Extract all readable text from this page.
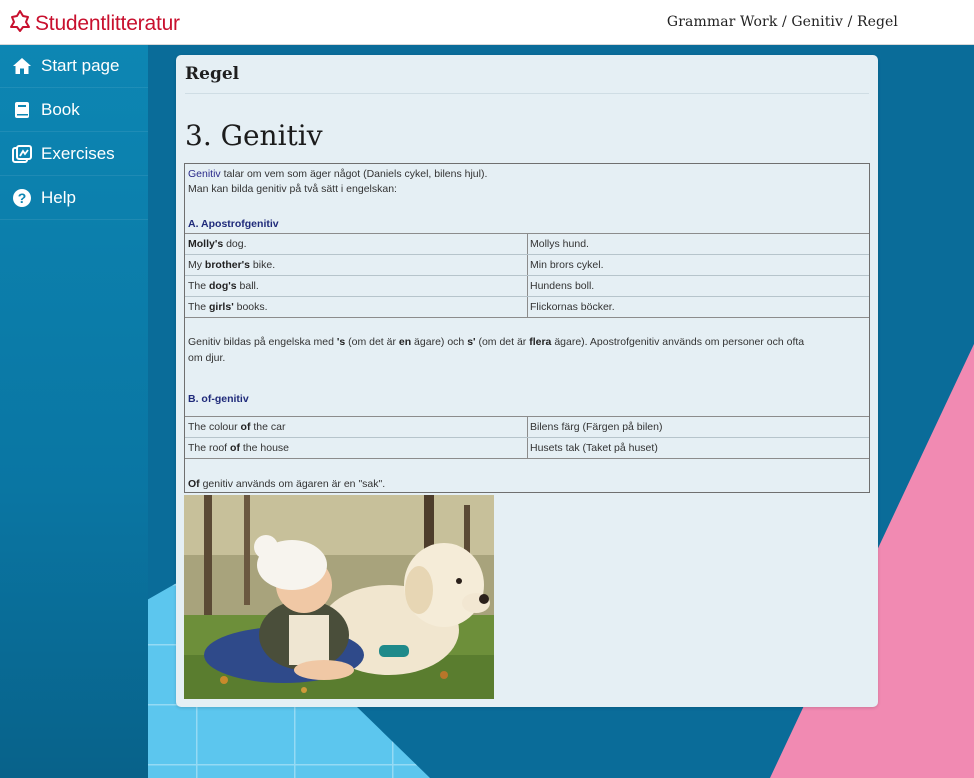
Studentlitteratur	Grammar Work / Genitiv / Regel
Start page
Book
Exercises
? Help
Regel
3. Genitiv
Genitiv talar om vem som äger något (Daniels cykel, bilens hjul).
Man kan bilda genitiv på två sätt i engelskan:
A. Apostrofgenitiv
Molly's dog.	Mollys hund.
My brother's bike.	Min brors cykel.
The dog's ball.	Hundens boll.
The girls' books.	Flickornas böcker.
Genitiv bildas på engelska med 's (om det är en ägare) och s' (om det är flera ägare). Apostrofgenitiv används om personer och ofta
om djur.
B. of-genitiv
The colour of the car	Bilens färg (Färgen på bilen)
The roof of the house	Husets tak (Taket på huset)
Of genitiv används om ägaren är en "sak".
